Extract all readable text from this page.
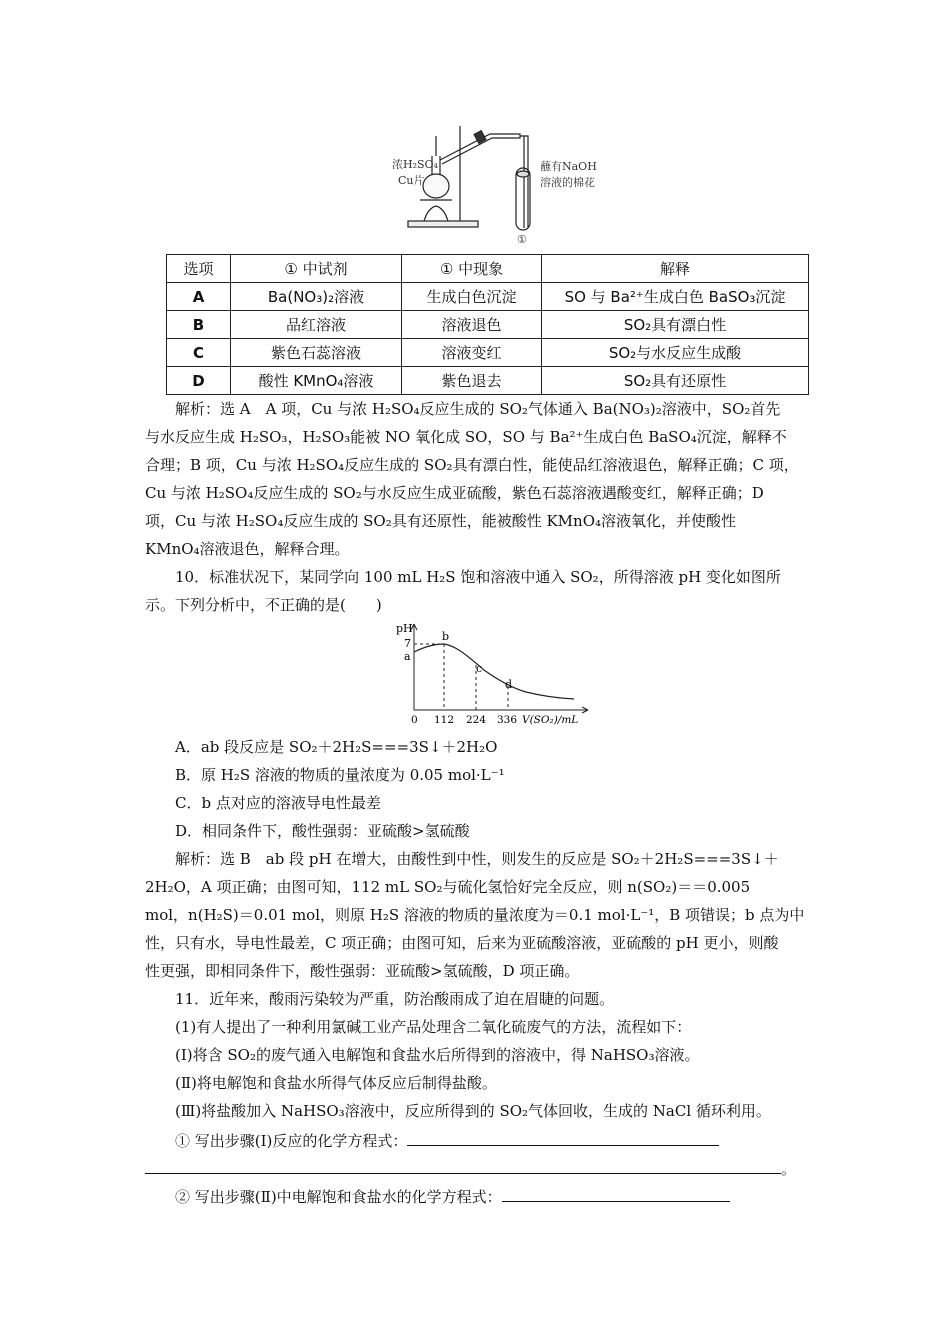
浓H₂SO₄
Cu片
蘸有NaOH
溶液的棉花
①
选项	① 中试剂	① 中现象	解释
A	Ba(NO₃)₂溶液	生成白色沉淀	SO 与 Ba²⁺生成白色 BaSO₃沉淀
B	品红溶液	溶液退色	SO₂具有漂白性
C	紫色石蕊溶液	溶液变红	SO₂与水反应生成酸
D	酸性 KMnO₄溶液	紫色退去	SO₂具有还原性
解析：选 A　A 项，Cu 与浓 H₂SO₄反应生成的 SO₂气体通入 Ba(NO₃)₂溶液中，SO₂首先
与水反应生成 H₂SO₃，H₂SO₃能被 NO 氧化成 SO，SO 与 Ba²⁺生成白色 BaSO₄沉淀，解释不
合理；B 项，Cu 与浓 H₂SO₄反应生成的 SO₂具有漂白性，能使品红溶液退色，解释正确；C 项，
Cu 与浓 H₂SO₄反应生成的 SO₂与水反应生成亚硫酸，紫色石蕊溶液遇酸变红，解释正确；D
项，Cu 与浓 H₂SO₄反应生成的 SO₂具有还原性，能被酸性 KMnO₄溶液氧化，并使酸性
KMnO₄溶液退色，解释合理。
10．标准状况下，某同学向 100 mL H₂S 饱和溶液中通入 SO₂，所得溶液 pH 变化如图所
示。下列分析中，不正确的是(　　)
pH
7
a
b
c
d
0 112 224 336 V(SO₂)/mL
A．ab 段反应是 SO₂＋2H₂S===3S↓＋2H₂O
B．原 H₂S 溶液的物质的量浓度为 0.05 mol·L⁻¹
C．b 点对应的溶液导电性最差
D．相同条件下，酸性强弱：亚硫酸>氢硫酸
解析：选 B　ab 段 pH 在增大，由酸性到中性，则发生的反应是 SO₂＋2H₂S===3S↓＋
2H₂O，A 项正确；由图可知，112 mL SO₂与硫化氢恰好完全反应，则 n(SO₂)＝＝0.005
mol，n(H₂S)＝0.01 mol，则原 H₂S 溶液的物质的量浓度为＝0.1 mol·L⁻¹，B 项错误；b 点为中
性，只有水，导电性最差，C 项正确；由图可知，后来为亚硫酸溶液，亚硫酸的 pH 更小，则酸
性更强，即相同条件下，酸性强弱：亚硫酸>氢硫酸，D 项正确。
11．近年来，酸雨污染较为严重，防治酸雨成了迫在眉睫的问题。
(1)有人提出了一种利用氯碱工业产品处理含二氧化硫废气的方法，流程如下：
(Ⅰ)将含 SO₂的废气通入电解饱和食盐水后所得到的溶液中，得 NaHSO₃溶液。
(Ⅱ)将电解饱和食盐水所得气体反应后制得盐酸。
(Ⅲ)将盐酸加入 NaHSO₃溶液中，反应所得到的 SO₂气体回收，生成的 NaCl 循环利用。
① 写出步骤(Ⅰ)反应的化学方程式：
。
② 写出步骤(Ⅱ)中电解饱和食盐水的化学方程式：
